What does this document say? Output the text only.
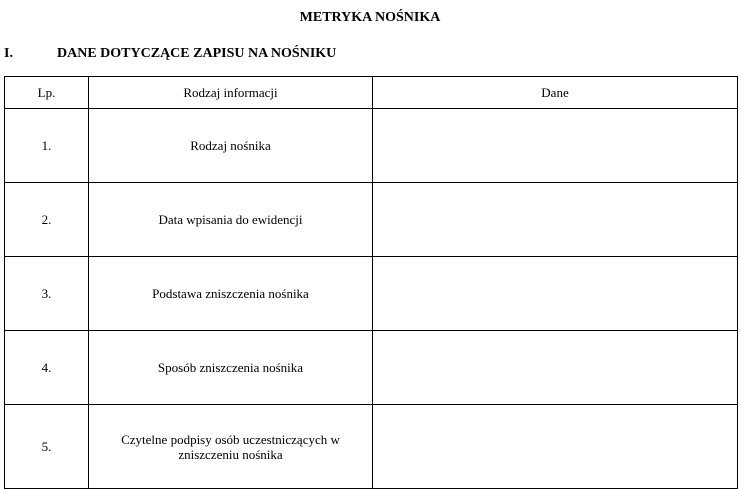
METRYKA NOŚNIKA
I.	DANE DOTYCZĄCE ZAPISU NA NOŚNIKU
Lp.	Rodzaj informacji	Dane
1.	Rodzaj nośnika	
2.	Data wpisania do ewidencji	
3.	Podstawa zniszczenia nośnika	
4.	Sposób zniszczenia nośnika	
5.	Czytelne podpisy osób uczestniczących w zniszczeniu nośnika	
